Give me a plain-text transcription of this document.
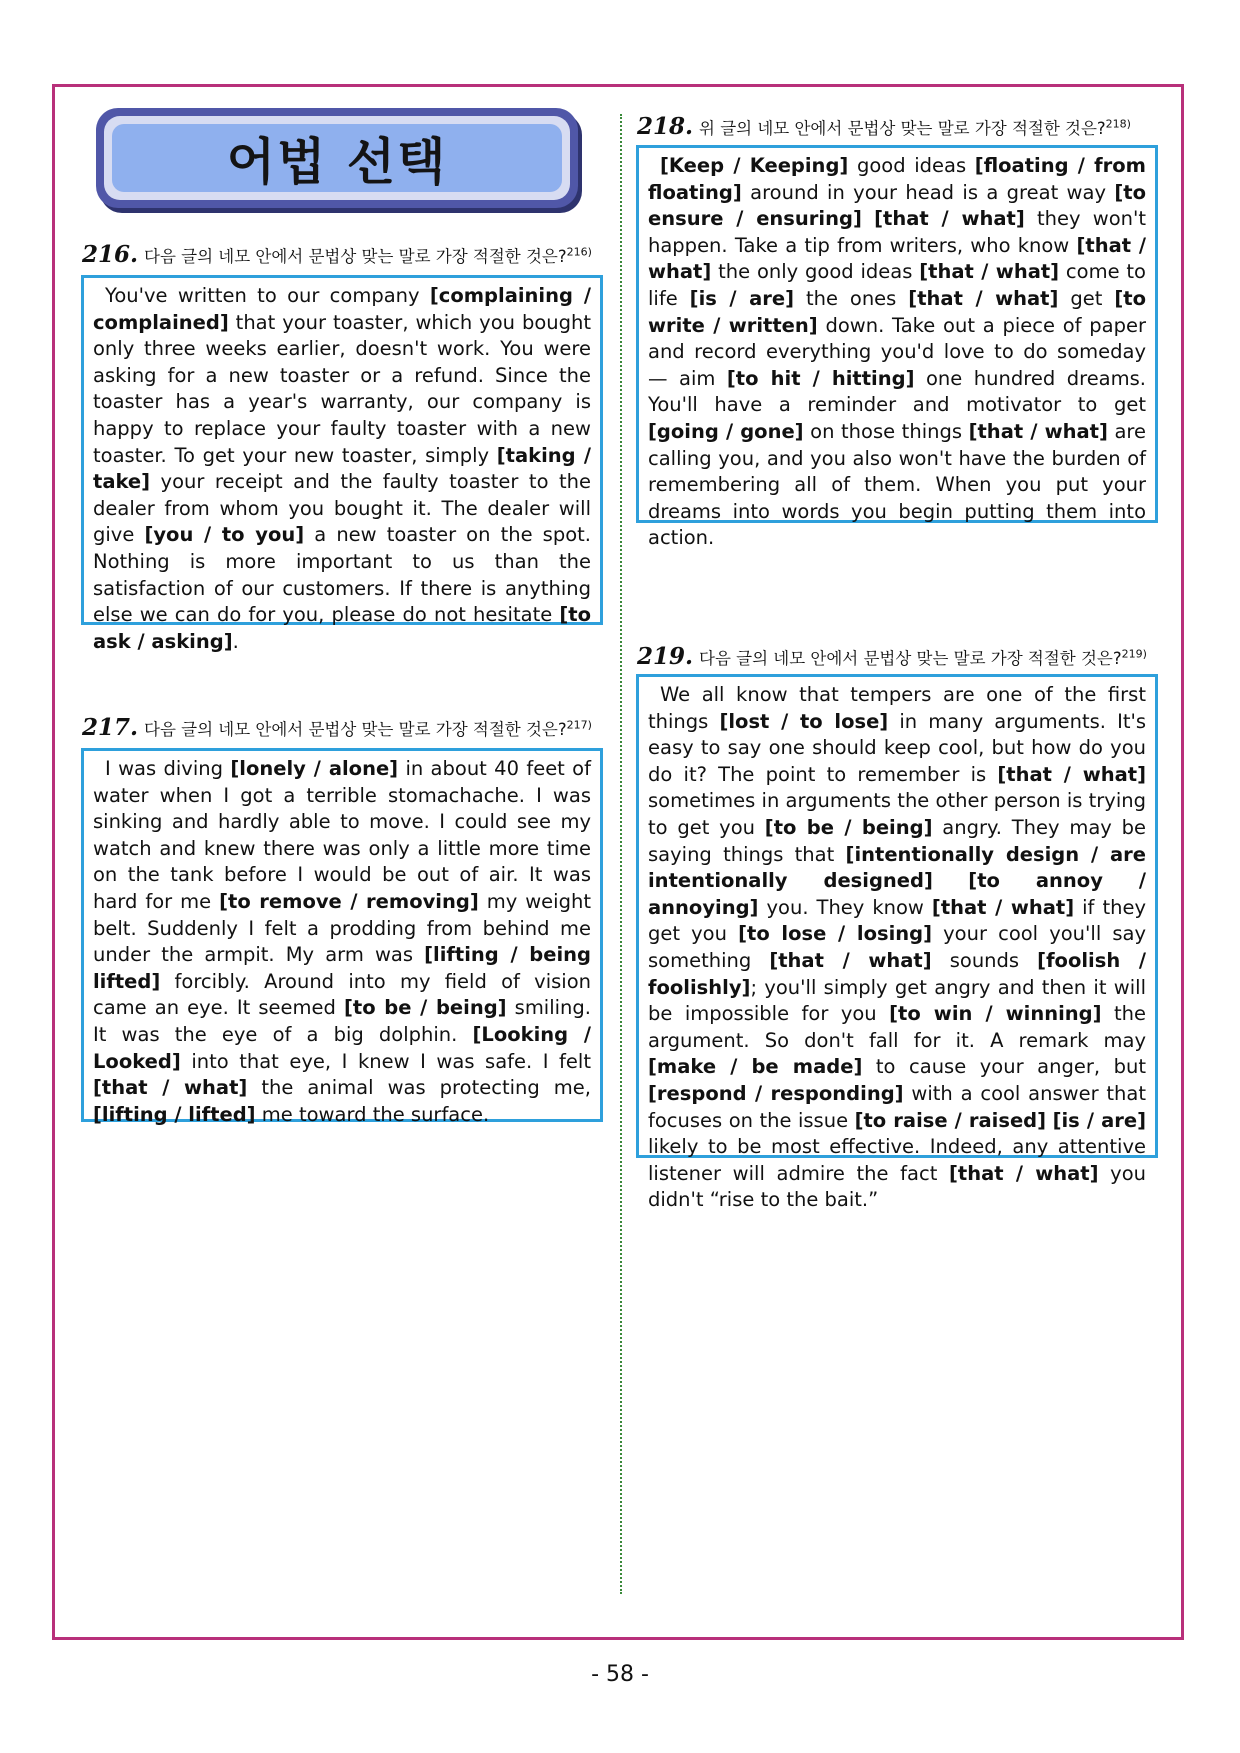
어법 선택
216. 다음 글의 네모 안에서 문법상 맞는 말로 가장 적절한 것은?$^{216)}$

You've written to our company [complaining / complained] that your toaster, which you bought only three weeks earlier, doesn't work. You were asking for a new toaster or a refund. Since the toaster has a year's warranty, our company is happy to replace your faulty toaster with a new toaster. To get your new toaster, simply [taking / take] your receipt and the faulty toaster to the dealer from whom you bought it. The dealer will give [you / to you] a new toaster on the spot. Nothing is more important to us than the satisfaction of our customers. If there is anything else we can do for you, please do not hesitate [to ask / asking].

217. 다음 글의 네모 안에서 문법상 맞는 말로 가장 적절한 것은?$^{217)}$

I was diving [lonely / alone] in about 40 feet of water when I got a terrible stomachache. I was sinking and hardly able to move. I could see my watch and knew there was only a little more time on the tank before I would be out of air. It was hard for me [to remove / removing] my weight belt. Suddenly I felt a prodding from behind me under the armpit. My arm was [lifting / being lifted] forcibly. Around into my field of vision came an eye. It seemed [to be / being] smiling. It was the eye of a big dolphin. [Looking / Looked] into that eye, I knew I was safe. I felt [that / what] the animal was protecting me, [lifting / lifted] me toward the surface.

218. 위 글의 네모 안에서 문법상 맞는 말로 가장 적절한 것은?$^{218)}$

[Keep / Keeping] good ideas [floating / from floating] around in your head is a great way [to ensure / ensuring] [that / what] they won't happen. Take a tip from writers, who know [that / what] the only good ideas [that / what] come to life [is / are] the ones [that / what] get [to write / written] down. Take out a piece of paper and record everything you'd love to do someday — aim [to hit / hitting] one hundred dreams. You'll have a reminder and motivator to get [going / gone] on those things [that / what] are calling you, and you also won't have the burden of remembering all of them. When you put your dreams into words you begin putting them into action.

219. 다음 글의 네모 안에서 문법상 맞는 말로 가장 적절한 것은?$^{219)}$

We all know that tempers are one of the first things [lost / to lose] in many arguments. It's easy to say one should keep cool, but how do you do it? The point to remember is [that / what] sometimes in arguments the other person is trying to get you [to be / being] angry. They may be saying things that [intentionally design / are intentionally designed] [to annoy / annoying] you. They know [that / what] if they get you [to lose / losing] your cool you'll say something [that / what] sounds [foolish / foolishly]; you'll simply get angry and then it will be impossible for you [to win / winning] the argument. So don't fall for it. A remark may [make / be made] to cause your anger, but [respond / responding] with a cool answer that focuses on the issue [to raise / raised] [is / are] likely to be most effective. Indeed, any attentive listener will admire the fact [that / what] you didn't “rise to the bait.”

- 58 -
